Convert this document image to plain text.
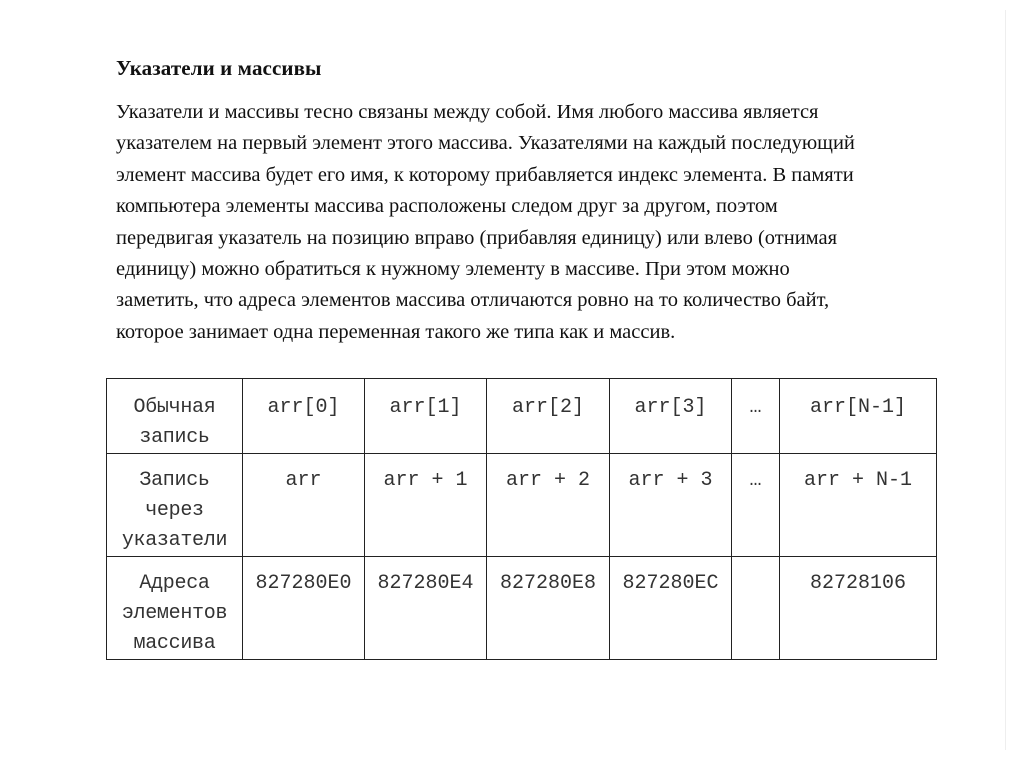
Указатели и массивы

Указатели и массивы тесно связаны между собой. Имя любого массива является
указателем на первый элемент этого массива. Указателями на каждый последующий
элемент массива будет его имя, к которому прибавляется индекс элемента. В памяти
компьютера элементы массива расположены следом друг за другом, поэтом
передвигая указатель на позицию вправо (прибавляя единицу) или влево (отнимая
единицу) можно обратиться к нужному элементу в массиве. При этом можно
заметить, что адреса элементов массива отличаются ровно на то количество байт,
которое занимает одна переменная такого же типа как и массив.

Обычная
запись	arr[0]	arr[1]	arr[2]	arr[3]	…	arr[N-1]
Запись
через
указатели	arr	arr + 1	arr + 2	arr + 3	…	arr + N-1
Адреса
элементов
массива	827280E0	827280E4	827280E8	827280EC		82728106
